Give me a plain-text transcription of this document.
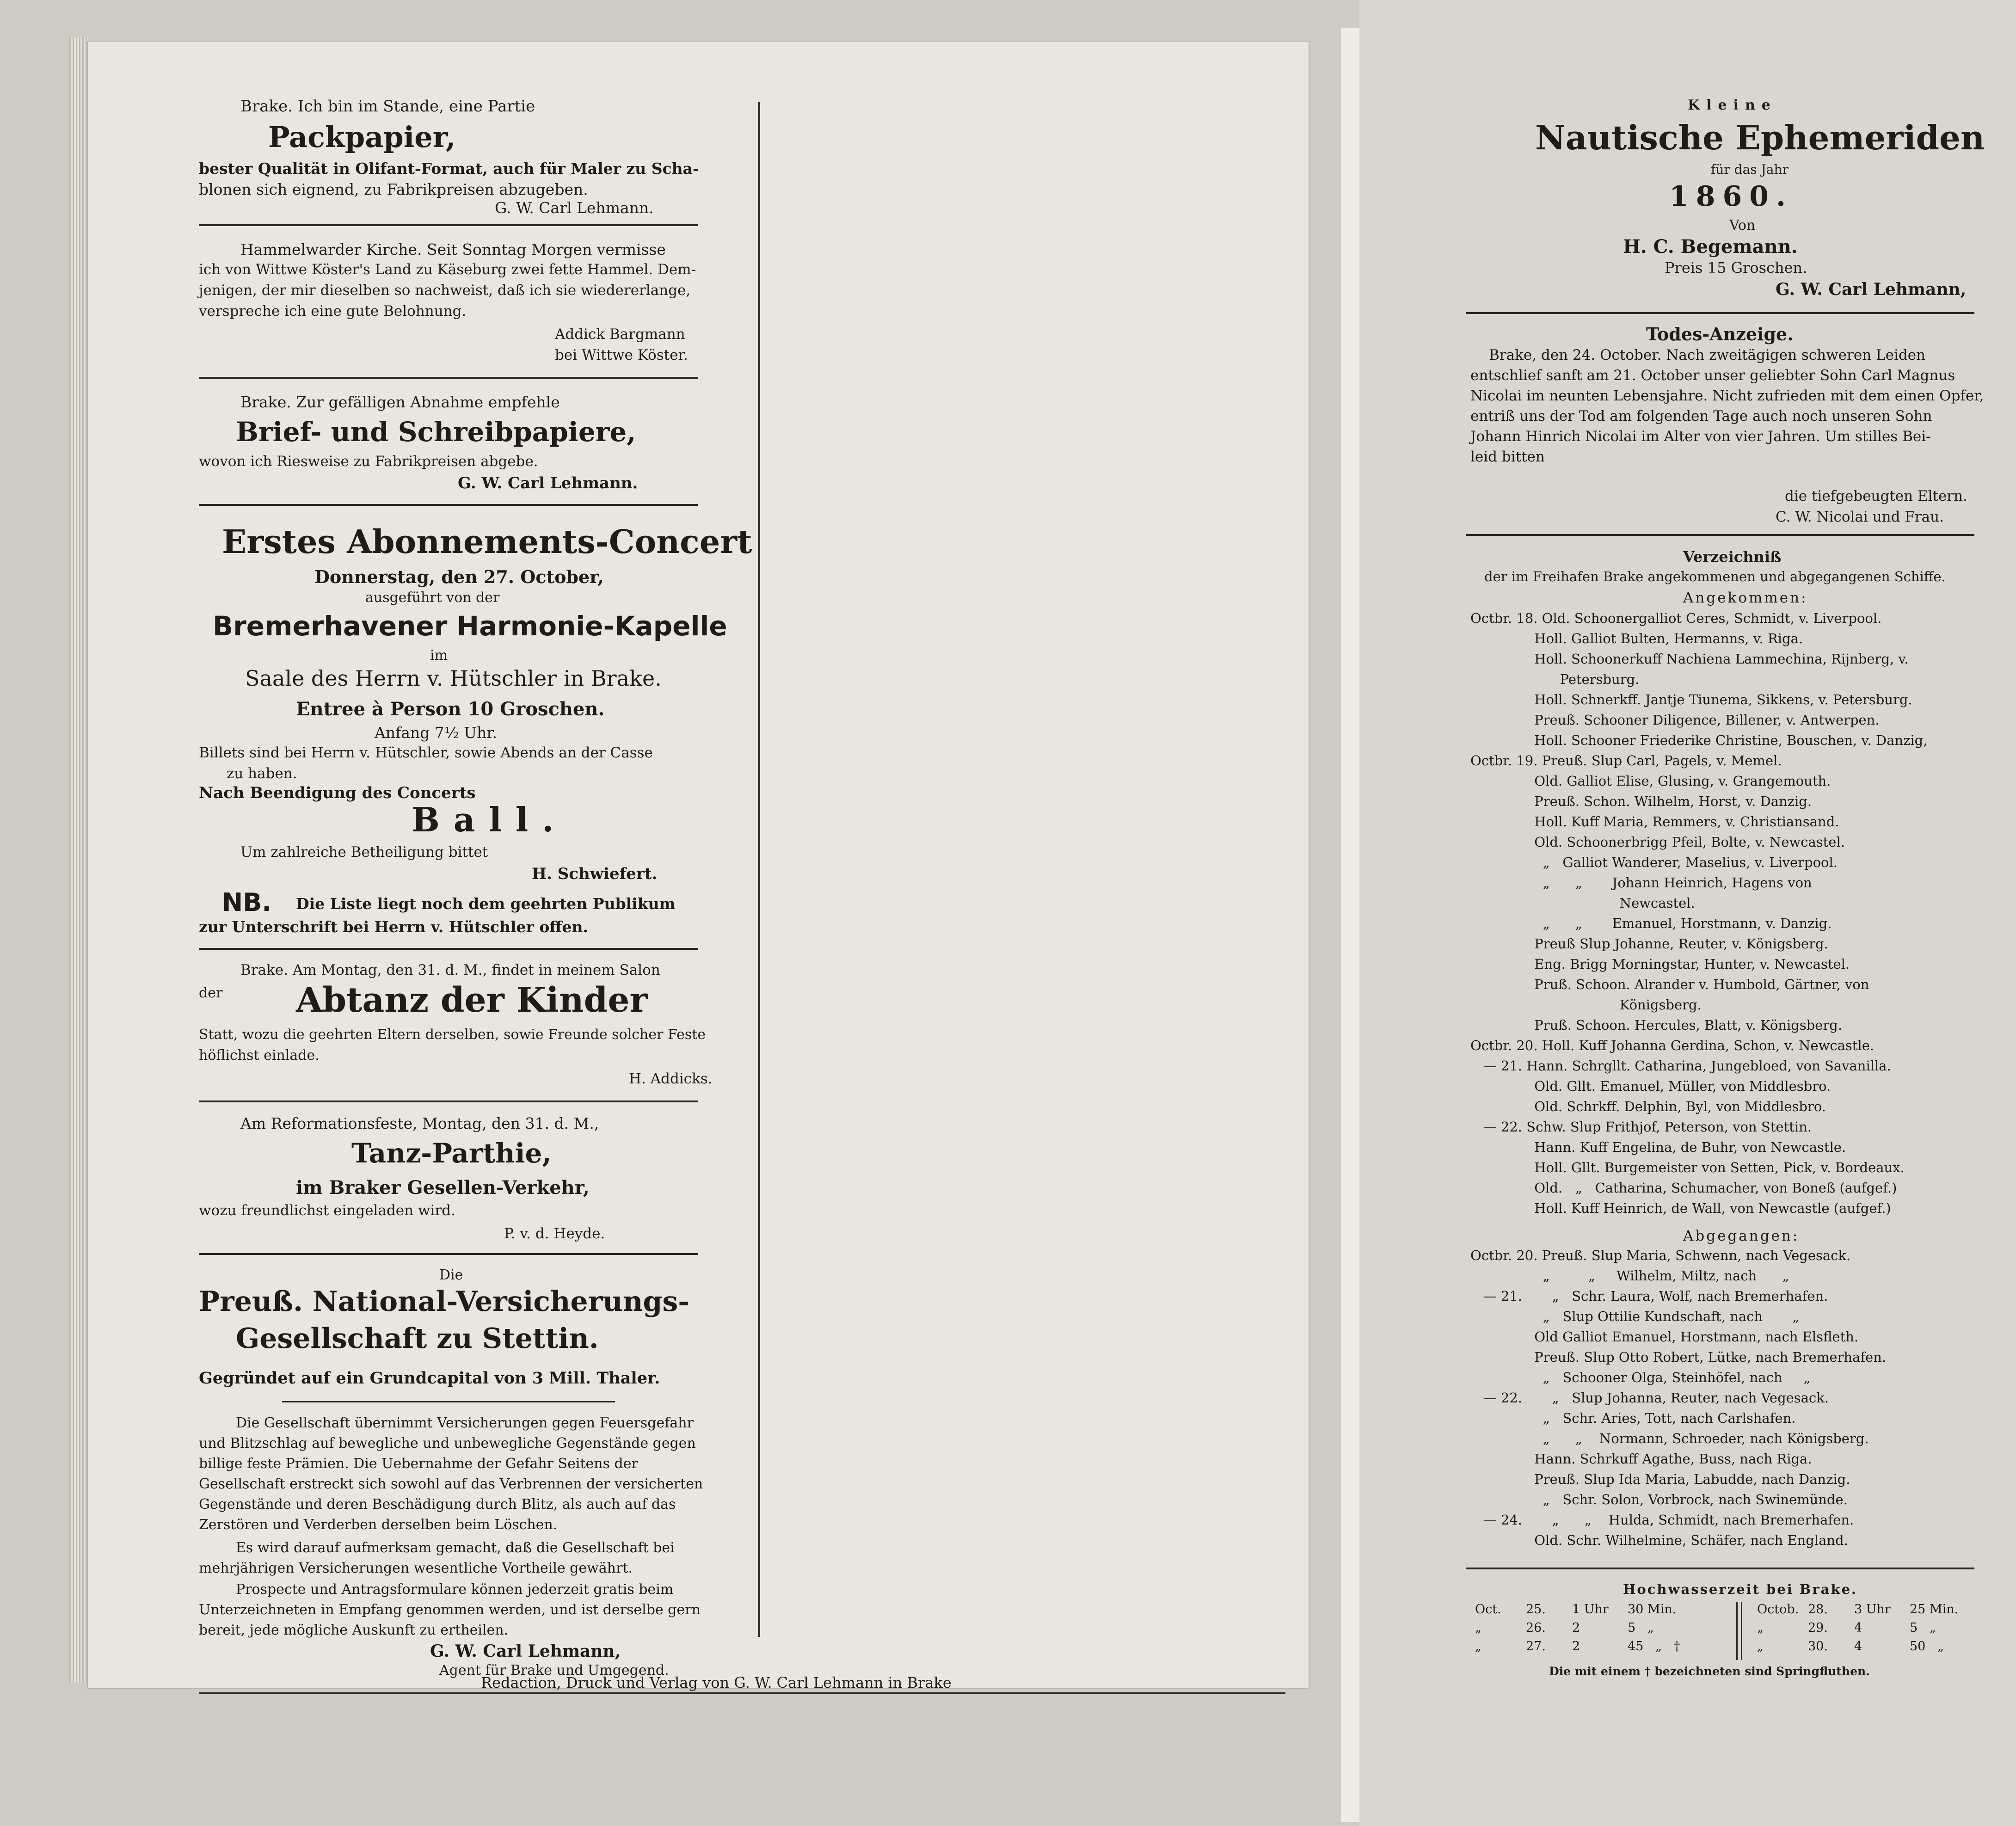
Brake. Ich bin im Stande, eine Partie
Packpapier,
bester Qualität in Olifant-Format, auch für Maler zu Scha-
blonen sich eignend, zu Fabrikpreisen abzugeben.
G. W. Carl Lehmann.
Hammelwarder Kirche. Seit Sonntag Morgen vermisse
ich von Wittwe Köster's Land zu Käseburg zwei fette Hammel. Dem-
jenigen, der mir dieselben so nachweist, daß ich sie wiedererlange,
verspreche ich eine gute Belohnung.
Addick Bargmann
bei Wittwe Köster.
Brake. Zur gefälligen Abnahme empfehle
Brief- und Schreibpapiere,
wovon ich Riesweise zu Fabrikpreisen abgebe.
G. W. Carl Lehmann.
Erstes Abonnements-Concert
Donnerstag, den 27. October,
ausgeführt von der
Bremerhavener Harmonie-Kapelle
im
Saale des Herrn v. Hütschler in Brake.
Entree à Person 10 Groschen.
Anfang 7½ Uhr.
Billets sind bei Herrn v. Hütschler, sowie Abends an der Casse
zu haben.
Nach Beendigung des Concerts
Ball.
Um zahlreiche Betheiligung bittet
H. Schwiefert.
NB. Die Liste liegt noch dem geehrten Publikum
zur Unterschrift bei Herrn v. Hütschler offen.
Brake. Am Montag, den 31. d. M., findet in meinem Salon
der Abtanz der Kinder
Statt, wozu die geehrten Eltern derselben, sowie Freunde solcher Feste
höflichst einlade.
H. Addicks.
Am Reformationsfeste, Montag, den 31. d. M.,
Tanz-Parthie,
im Braker Gesellen-Verkehr,
wozu freundlichst eingeladen wird.
P. v. d. Heyde.
Die
Preuß. National-Versicherungs-
Gesellschaft zu Stettin.
Gegründet auf ein Grundcapital von 3 Mill. Thaler.
Die Gesellschaft übernimmt Versicherungen gegen Feuersgefahr
und Blitzschlag auf bewegliche und unbewegliche Gegenstände gegen
billige feste Prämien. Die Uebernahme der Gefahr Seitens der
Gesellschaft erstreckt sich sowohl auf das Verbrennen der versicherten
Gegenstände und deren Beschädigung durch Blitz, als auch auf das
Zerstören und Verderben derselben beim Löschen.
Es wird darauf aufmerksam gemacht, daß die Gesellschaft bei
mehrjährigen Versicherungen wesentliche Vortheile gewährt.
Prospecte und Antragsformulare können jederzeit gratis beim
Unterzeichneten in Empfang genommen werden, und ist derselbe gern
bereit, jede mögliche Auskunft zu ertheilen.
G. W. Carl Lehmann,
Agent für Brake und Umgegend.
Kleine
Nautische Ephemeriden
für das Jahr
1860.
Von
H. C. Begemann.
Preis 15 Groschen.
G. W. Carl Lehmann,
Todes-Anzeige.
Brake, den 24. October. Nach zweitägigen schweren Leiden
entschlief sanft am 21. October unser geliebter Sohn Carl Magnus
Nicolai im neunten Lebensjahre. Nicht zufrieden mit dem einen Opfer,
entriß uns der Tod am folgenden Tage auch noch unseren Sohn
Johann Hinrich Nicolai im Alter von vier Jahren. Um stilles Bei-
leid bitten
die tiefgebeugten Eltern.
C. W. Nicolai und Frau.
Verzeichniß
der im Freihafen Brake angekommenen und abgegangenen Schiffe.
Angekommen:
Octbr. 18. Old. Schoonergalliot Ceres, Schmidt, v. Liverpool.
Holl. Galliot Bulten, Hermanns, v. Riga.
Holl. Schoonerkuff Nachiena Lammechina, Rijnberg, v.
Petersburg.
Holl. Schnerkff. Jantje Tiunema, Sikkens, v. Petersburg.
Preuß. Schooner Diligence, Billener, v. Antwerpen.
Holl. Schooner Friederike Christine, Bouschen, v. Danzig,
Octbr. 19. Preuß. Slup Carl, Pagels, v. Memel.
Old. Galliot Elise, Glusing, v. Grangemouth.
Preuß. Schon. Wilhelm, Horst, v. Danzig.
Holl. Kuff Maria, Remmers, v. Christiansand.
Old. Schoonerbrigg Pfeil, Bolte, v. Newcastel.
„   Galliot Wanderer, Maselius, v. Liverpool.
„      „       Johann Heinrich, Hagens von
Newcastel.
„      „       Emanuel, Horstmann, v. Danzig.
Preuß Slup Johanne, Reuter, v. Königsberg.
Eng. Brigg Morningstar, Hunter, v. Newcastel.
Pruß. Schoon. Alrander v. Humbold, Gärtner, von
Königsberg.
Pruß. Schoon. Hercules, Blatt, v. Königsberg.
Octbr. 20. Holl. Kuff Johanna Gerdina, Schon, v. Newcastle.
— 21. Hann. Schrgllt. Catharina, Jungebloed, von Savanilla.
Old. Gllt. Emanuel, Müller, von Middlesbro.
Old. Schrkff. Delphin, Byl, von Middlesbro.
— 22. Schw. Slup Frithjof, Peterson, von Stettin.
Hann. Kuff Engelina, de Buhr, von Newcastle.
Holl. Gllt. Burgemeister von Setten, Pick, v. Bordeaux.
Old.   „   Catharina, Schumacher, von Boneß (aufgef.)
Holl. Kuff Heinrich, de Wall, von Newcastle (aufgef.)
Abgegangen:
Octbr. 20. Preuß. Slup Maria, Schwenn, nach Vegesack.
„         „     Wilhelm, Miltz, nach      „
— 21.       „   Schr. Laura, Wolf, nach Bremerhafen.
„   Slup Ottilie Kundschaft, nach       „
Old Galliot Emanuel, Horstmann, nach Elsfleth.
Preuß. Slup Otto Robert, Lütke, nach Bremerhafen.
„   Schooner Olga, Steinhöfel, nach     „
— 22.       „   Slup Johanna, Reuter, nach Vegesack.
„   Schr. Aries, Tott, nach Carlshafen.
„      „    Normann, Schroeder, nach Königsberg.
Hann. Schrkuff Agathe, Buss, nach Riga.
Preuß. Slup Ida Maria, Labudde, nach Danzig.
„   Schr. Solon, Vorbrock, nach Swinemünde.
— 24.       „      „    Hulda, Schmidt, nach Bremerhafen.
Old. Schr. Wilhelmine, Schäfer, nach England.
Hochwasserzeit bei Brake.
Oct. 25. 1 Uhr 30 Min.
„	26. 2	5   „
„	27. 2	45   „   †
Octob. 28. 3 Uhr 25 Min.
„	29. 4	5   „
„	30. 4	50   „
Die mit einem † bezeichneten sind Springfluthen.
Redaction, Druck und Verlag von G. W. Carl Lehmann in Brake
